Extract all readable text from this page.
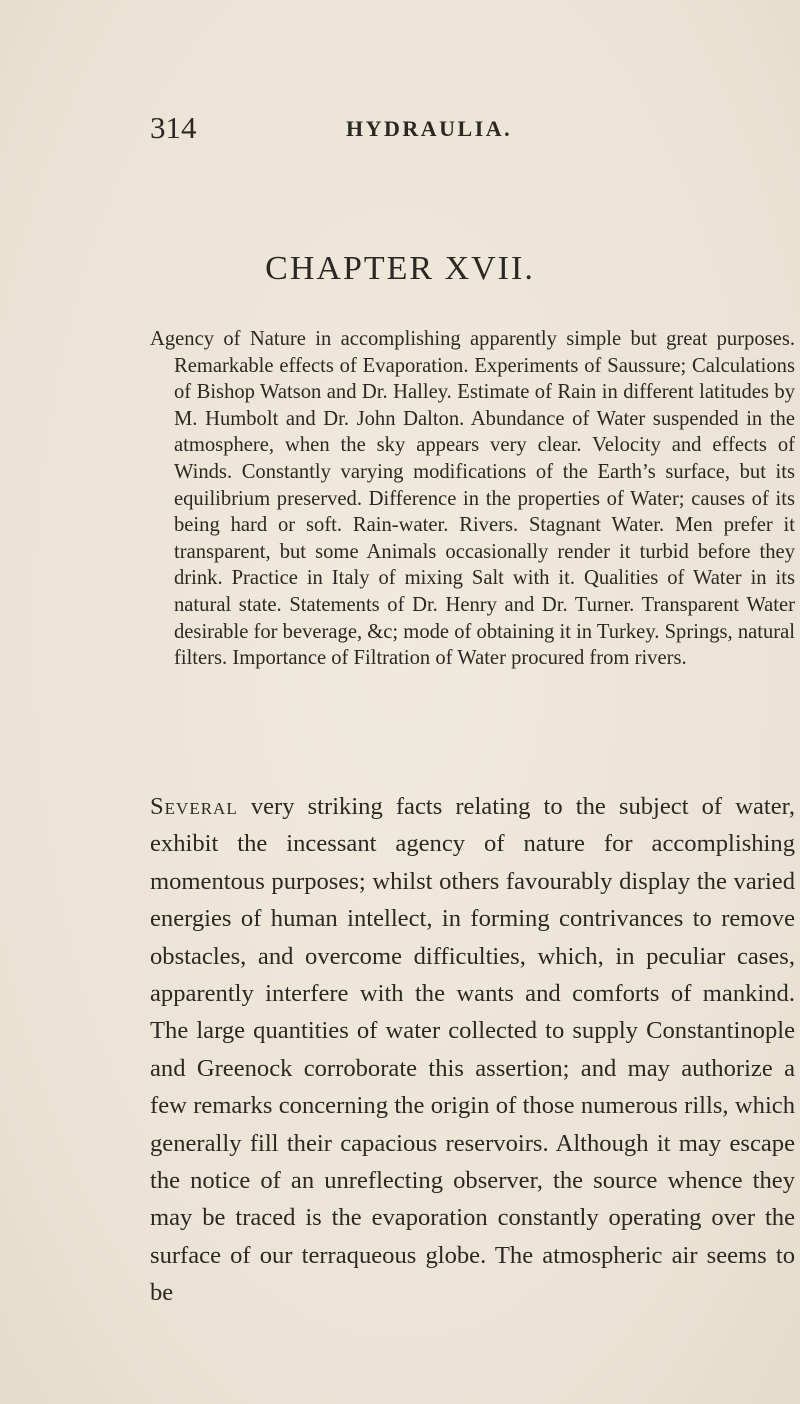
314	HYDRAULIA.
CHAPTER XVII.

Agency of Nature in accomplishing apparently simple but great purposes. Remarkable effects of Evaporation. Experiments of Saussure; Calculations of Bishop Watson and Dr. Halley. Estimate of Rain in different latitudes by M. Humbolt and Dr. John Dalton. Abundance of Water suspended in the atmosphere, when the sky appears very clear. Velocity and effects of Winds. Constantly varying modifications of the Earth’s surface, but its equilibrium preserved. Difference in the properties of Water; causes of its being hard or soft. Rain-water. Rivers. Stagnant Water. Men prefer it transparent, but some Animals occasionally render it turbid before they drink. Practice in Italy of mixing Salt with it. Qualities of Water in its natural state. Statements of Dr. Henry and Dr. Turner. Transparent Water desirable for beverage, &c; mode of obtaining it in Turkey. Springs, natural filters. Importance of Filtration of Water procured from rivers.

Several very striking facts relating to the subject of water, exhibit the incessant agency of nature for accomplishing momentous purposes; whilst others favourably display the varied energies of human intellect, in forming contrivances to remove obstacles, and overcome difficulties, which, in peculiar cases, apparently interfere with the wants and comforts of mankind. The large quantities of water collected to supply Constantinople and Greenock corroborate this assertion; and may authorize a few remarks concerning the origin of those numerous rills, which generally fill their capacious reservoirs. Although it may escape the notice of an unreflecting observer, the source whence they may be traced is the evaporation constantly operating over the surface of our terraqueous globe. The atmospheric air seems to be
